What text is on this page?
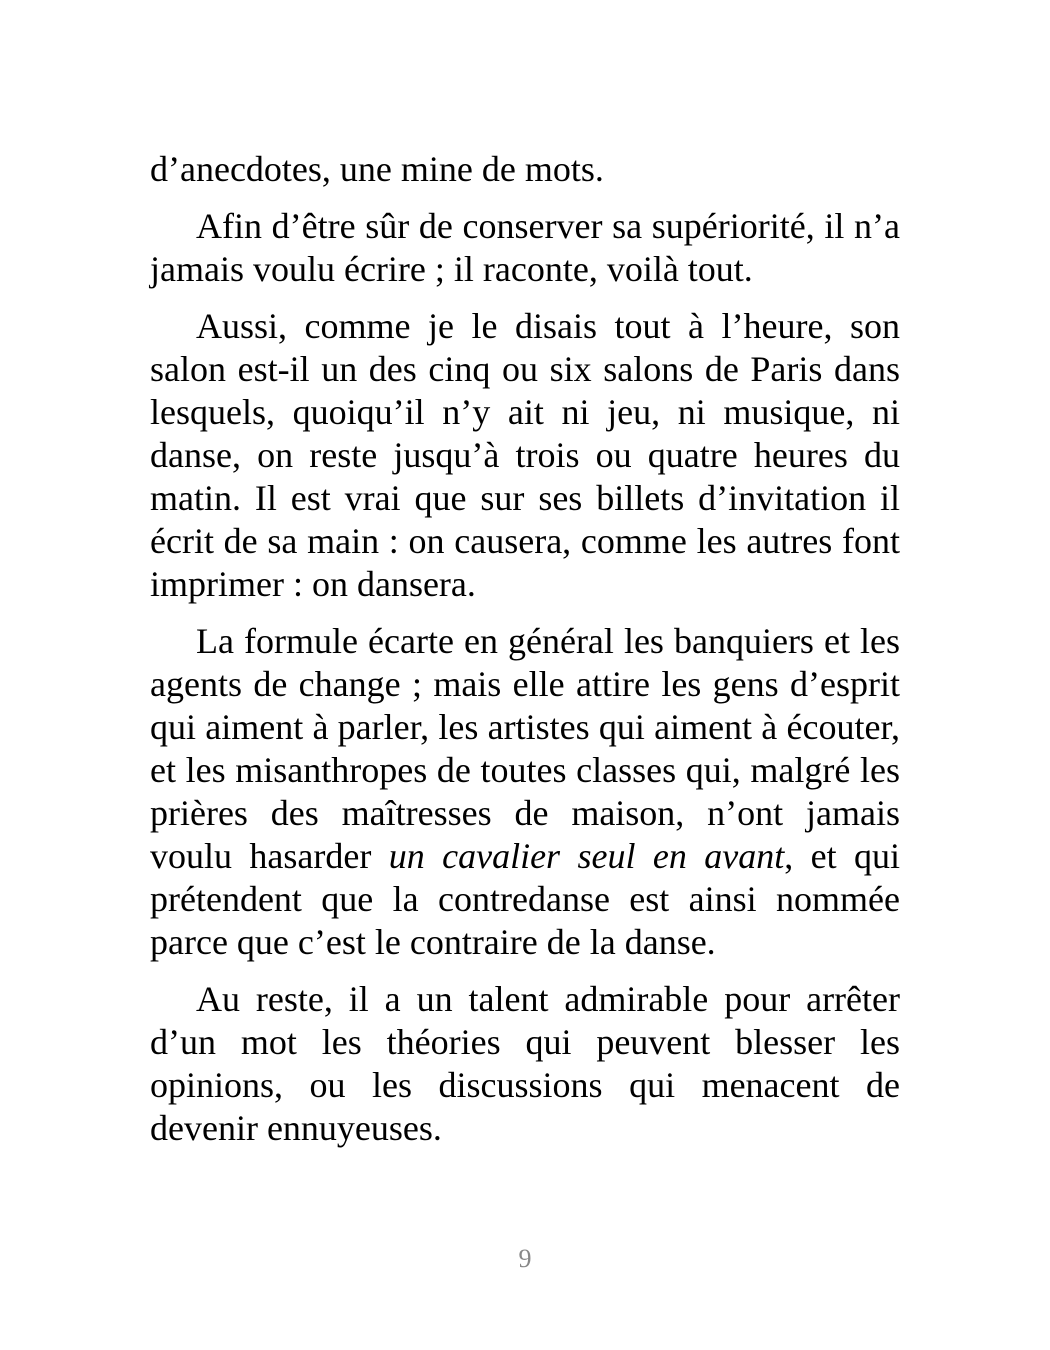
d’anecdotes, une mine de mots.

Afin d’être sûr de conserver sa supériorité, il n’a jamais voulu écrire ; il raconte, voilà tout.

Aussi, comme je le disais tout à l’heure, son salon est-il un des cinq ou six salons de Paris dans lesquels, quoiqu’il n’y ait ni jeu, ni musique, ni danse, on reste jusqu’à trois ou quatre heures du matin. Il est vrai que sur ses billets d’invitation il écrit de sa main : on causera, comme les autres font imprimer : on dansera.

La formule écarte en général les banquiers et les agents de change ; mais elle attire les gens d’esprit qui aiment à parler, les artistes qui aiment à écouter, et les misanthropes de toutes classes qui, malgré les prières des maîtresses de maison, n’ont jamais voulu hasarder un cavalier seul en avant, et qui prétendent que la contredanse est ainsi nommée parce que c’est le contraire de la danse.

Au reste, il a un talent admirable pour arrêter d’un mot les théories qui peuvent blesser les opinions, ou les discussions qui menacent de devenir ennuyeuses.

9
